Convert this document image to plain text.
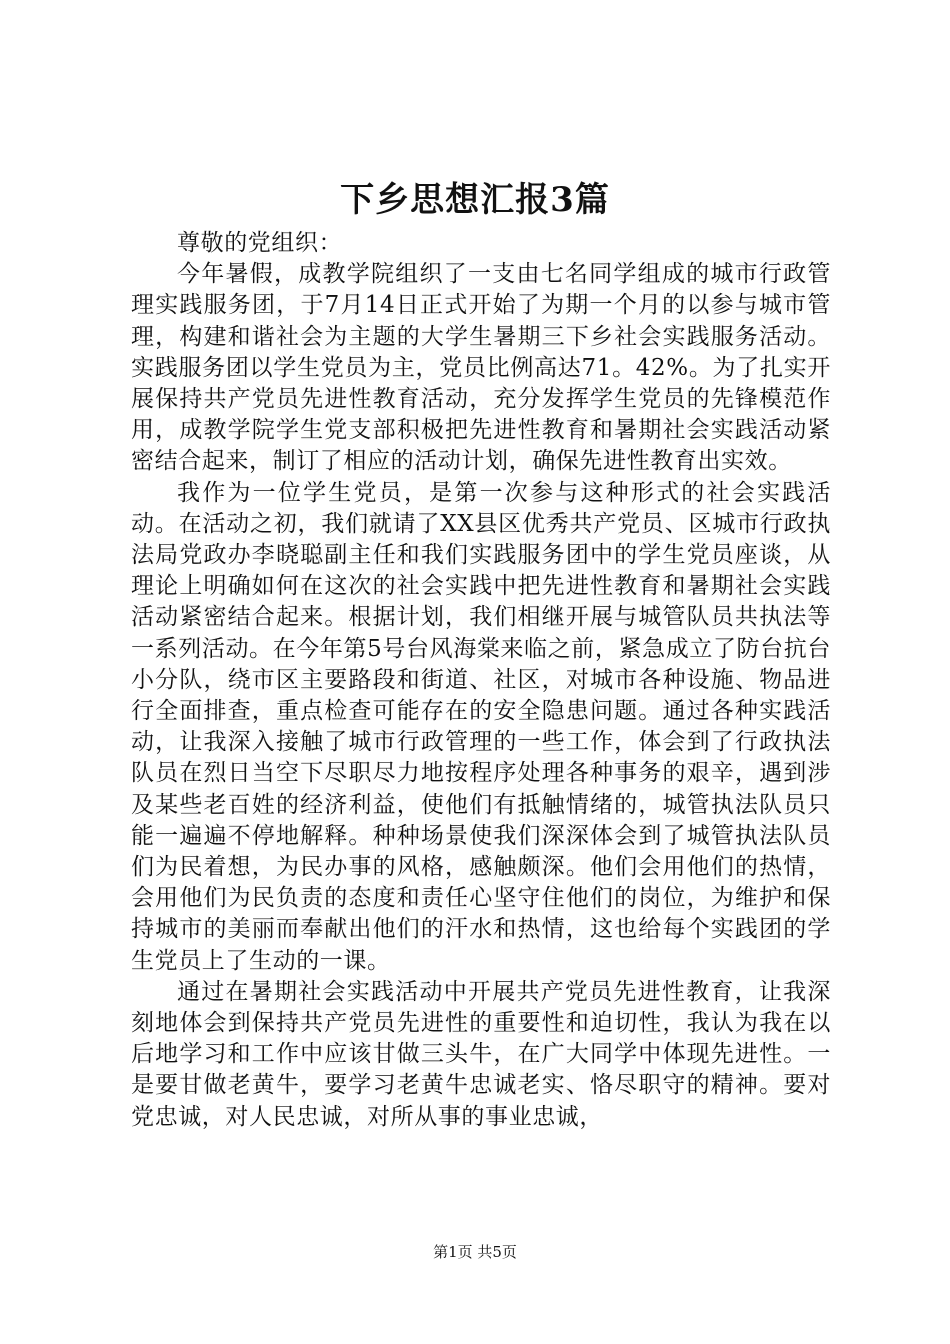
下乡思想汇报3篇

尊敬的党组织：

今年暑假，成教学院组织了一支由七名同学组成的城市行政管理实践服务团，于7月14日正式开始了为期一个月的以参与城市管理，构建和谐社会为主题的大学生暑期三下乡社会实践服务活动。实践服务团以学生党员为主，党员比例高达71。42%。为了扎实开展保持共产党员先进性教育活动，充分发挥学生党员的先锋模范作用，成教学院学生党支部积极把先进性教育和暑期社会实践活动紧密结合起来，制订了相应的活动计划，确保先进性教育出实效。

我作为一位学生党员，是第一次参与这种形式的社会实践活动。在活动之初，我们就请了XX县区优秀共产党员、区城市行政执法局党政办李晓聪副主任和我们实践服务团中的学生党员座谈，从理论上明确如何在这次的社会实践中把先进性教育和暑期社会实践活动紧密结合起来。根据计划，我们相继开展与城管队员共执法等一系列活动。在今年第5号台风海棠来临之前，紧急成立了防台抗台小分队，绕市区主要路段和街道、社区，对城市各种设施、物品进行全面排查，重点检查可能存在的安全隐患问题。通过各种实践活动，让我深入接触了城市行政管理的一些工作，体会到了行政执法队员在烈日当空下尽职尽力地按程序处理各种事务的艰辛，遇到涉及某些老百姓的经济利益，使他们有抵触情绪的，城管执法队员只能一遍遍不停地解释。种种场景使我们深深体会到了城管执法队员们为民着想，为民办事的风格，感触颇深。他们会用他们的热情，会用他们为民负责的态度和责任心坚守住他们的岗位，为维护和保持城市的美丽而奉献出他们的汗水和热情，这也给每个实践团的学生党员上了生动的一课。

通过在暑期社会实践活动中开展共产党员先进性教育，让我深刻地体会到保持共产党员先进性的重要性和迫切性，我认为我在以后地学习和工作中应该甘做三头牛，在广大同学中体现先进性。一是要甘做老黄牛，要学习老黄牛忠诚老实、恪尽职守的精神。要对党忠诚，对人民忠诚，对所从事的事业忠诚，

第1页 共5页
